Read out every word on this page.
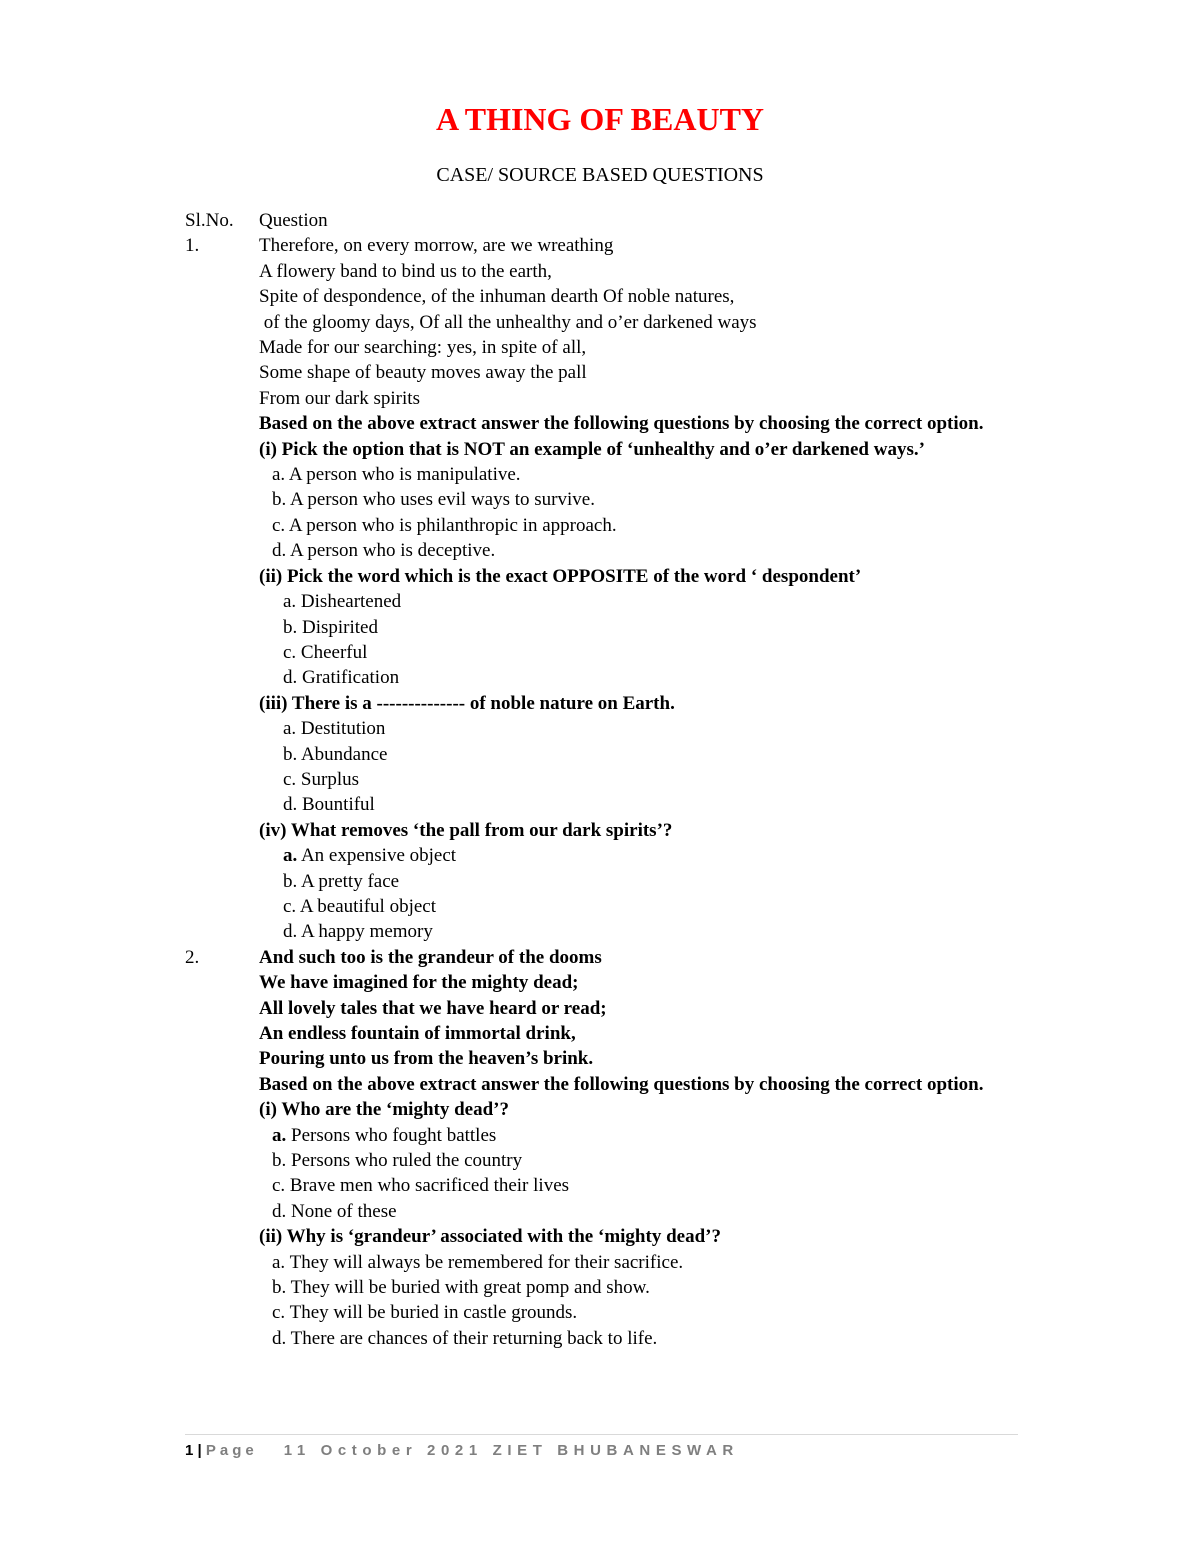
A THING OF BEAUTY
CASE/ SOURCE BASED QUESTIONS
Sl.No.	Question
1.	Therefore, on every morrow, are we wreathing
A flowery band to bind us to the earth,
Spite of despondence, of the inhuman dearth Of noble natures,
of the gloomy days, Of all the unhealthy and o’er darkened ways
Made for our searching: yes, in spite of all,
Some shape of beauty moves away the pall
From our dark spirits
Based on the above extract answer the following questions by choosing the correct option.
(i) Pick the option that is NOT an example of ‘unhealthy and o’er darkened ways.’
a. A person who is manipulative.
b. A person who uses evil ways to survive.
c. A person who is philanthropic in approach.
d. A person who is deceptive.
(ii) Pick the word which is the exact OPPOSITE of the word ‘ despondent’
a. Disheartened
b. Dispirited
c. Cheerful
d. Gratification
(iii) There is a -------------- of noble nature on Earth.
a. Destitution
b. Abundance
c. Surplus
d. Bountiful
(iv) What removes ‘the pall from our dark spirits’?
a. An expensive object
b. A pretty face
c. A beautiful object
d. A happy memory
2.	And such too is the grandeur of the dooms
We have imagined for the mighty dead;
All lovely tales that we have heard or read;
An endless fountain of immortal drink,
Pouring unto us from the heaven’s brink.
Based on the above extract answer the following questions by choosing the correct option.
(i) Who are the ‘mighty dead’?
a. Persons who fought battles
b. Persons who ruled the country
c. Brave men who sacrificed their lives
d. None of these
(ii) Why is ‘grandeur’ associated with the ‘mighty dead’?
a. They will always be remembered for their sacrifice.
b. They will be buried with great pomp and show.
c. They will be buried in castle grounds.
d. There are chances of their returning back to life.
1 | Page 11 October 2021 ZIET BHUBANESWAR
